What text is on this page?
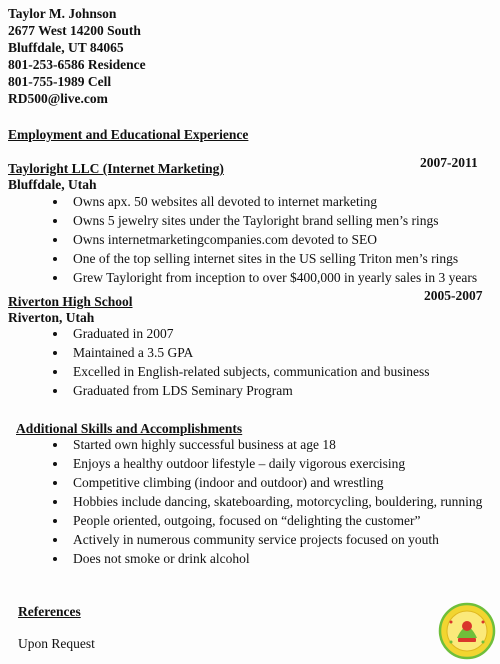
Taylor M. Johnson
2677 West 14200 South
Bluffdale, UT 84065
801-253-6586 Residence
801-755-1989 Cell
RD500@live.com
Employment and Educational Experience
Tayloright LLC (Internet Marketing)	2007-2011
Bluffdale, Utah
Owns apx. 50 websites all devoted to internet marketing
Owns 5 jewelry sites under the Tayloright brand selling men’s rings
Owns internetmarketingcompanies.com devoted to SEO
One of the top selling internet sites in the US selling Triton men’s rings
Grew Tayloright from inception to over $400,000 in yearly sales in 3 years
Riverton High School	2005-2007
Riverton, Utah
Graduated in 2007
Maintained a 3.5 GPA
Excelled in English-related subjects, communication and business
Graduated from LDS Seminary Program
Additional Skills and Accomplishments
Started own highly successful business at age 18
Enjoys a healthy outdoor lifestyle – daily vigorous exercising
Competitive climbing (indoor and outdoor) and wrestling
Hobbies include dancing, skateboarding, motorcycling, bouldering, running
People oriented, outgoing, focused on “delighting the customer”
Actively in numerous community service projects focused on youth
Does not smoke or drink alcohol
References
Upon Request
